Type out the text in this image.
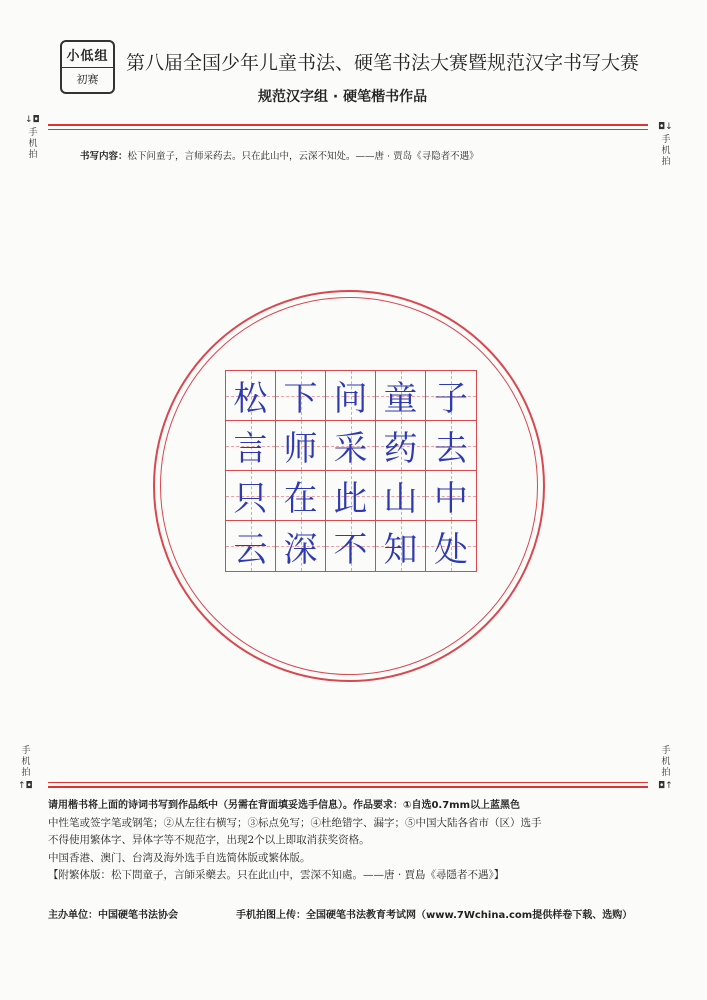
小低组
初赛
第八届全国少年儿童书法、硬笔书法大赛暨规范汉字书写大赛
规范汉字组 · 硬笔楷书作品
↓◘
手机拍
◘↓
手机拍
书写内容：松下问童子，言师采药去。只在此山中，云深不知处。——唐 · 贾岛《寻隐者不遇》
松 下 问 童 子
言 师 采 药 去
只 在 此 山 中
云 深 不 知 处
手机拍
↑◘
手机拍
◘↑

请用楷书将上面的诗词书写到作品纸中（另需在背面填妥选手信息）。作品要求：①自选0.7mm以上蓝黑色

中性笔或签字笔或钢笔；②从左往右横写；③标点免写；④杜绝错字、漏字；⑤中国大陆各省市（区）选手

不得使用繁体字、异体字等不规范字，出现2个以上即取消获奖资格。

中国香港、澳门、台湾及海外选手自选简体版或繁体版。

【附繁体版：松下問童子，言師采藥去。只在此山中，雲深不知處。——唐 · 賈島《尋隱者不遇》】

主办单位：中国硬笔书法协会	手机拍图上传：全国硬笔书法教育考试网（www.7Wchina.com提供样卷下载、选购）
